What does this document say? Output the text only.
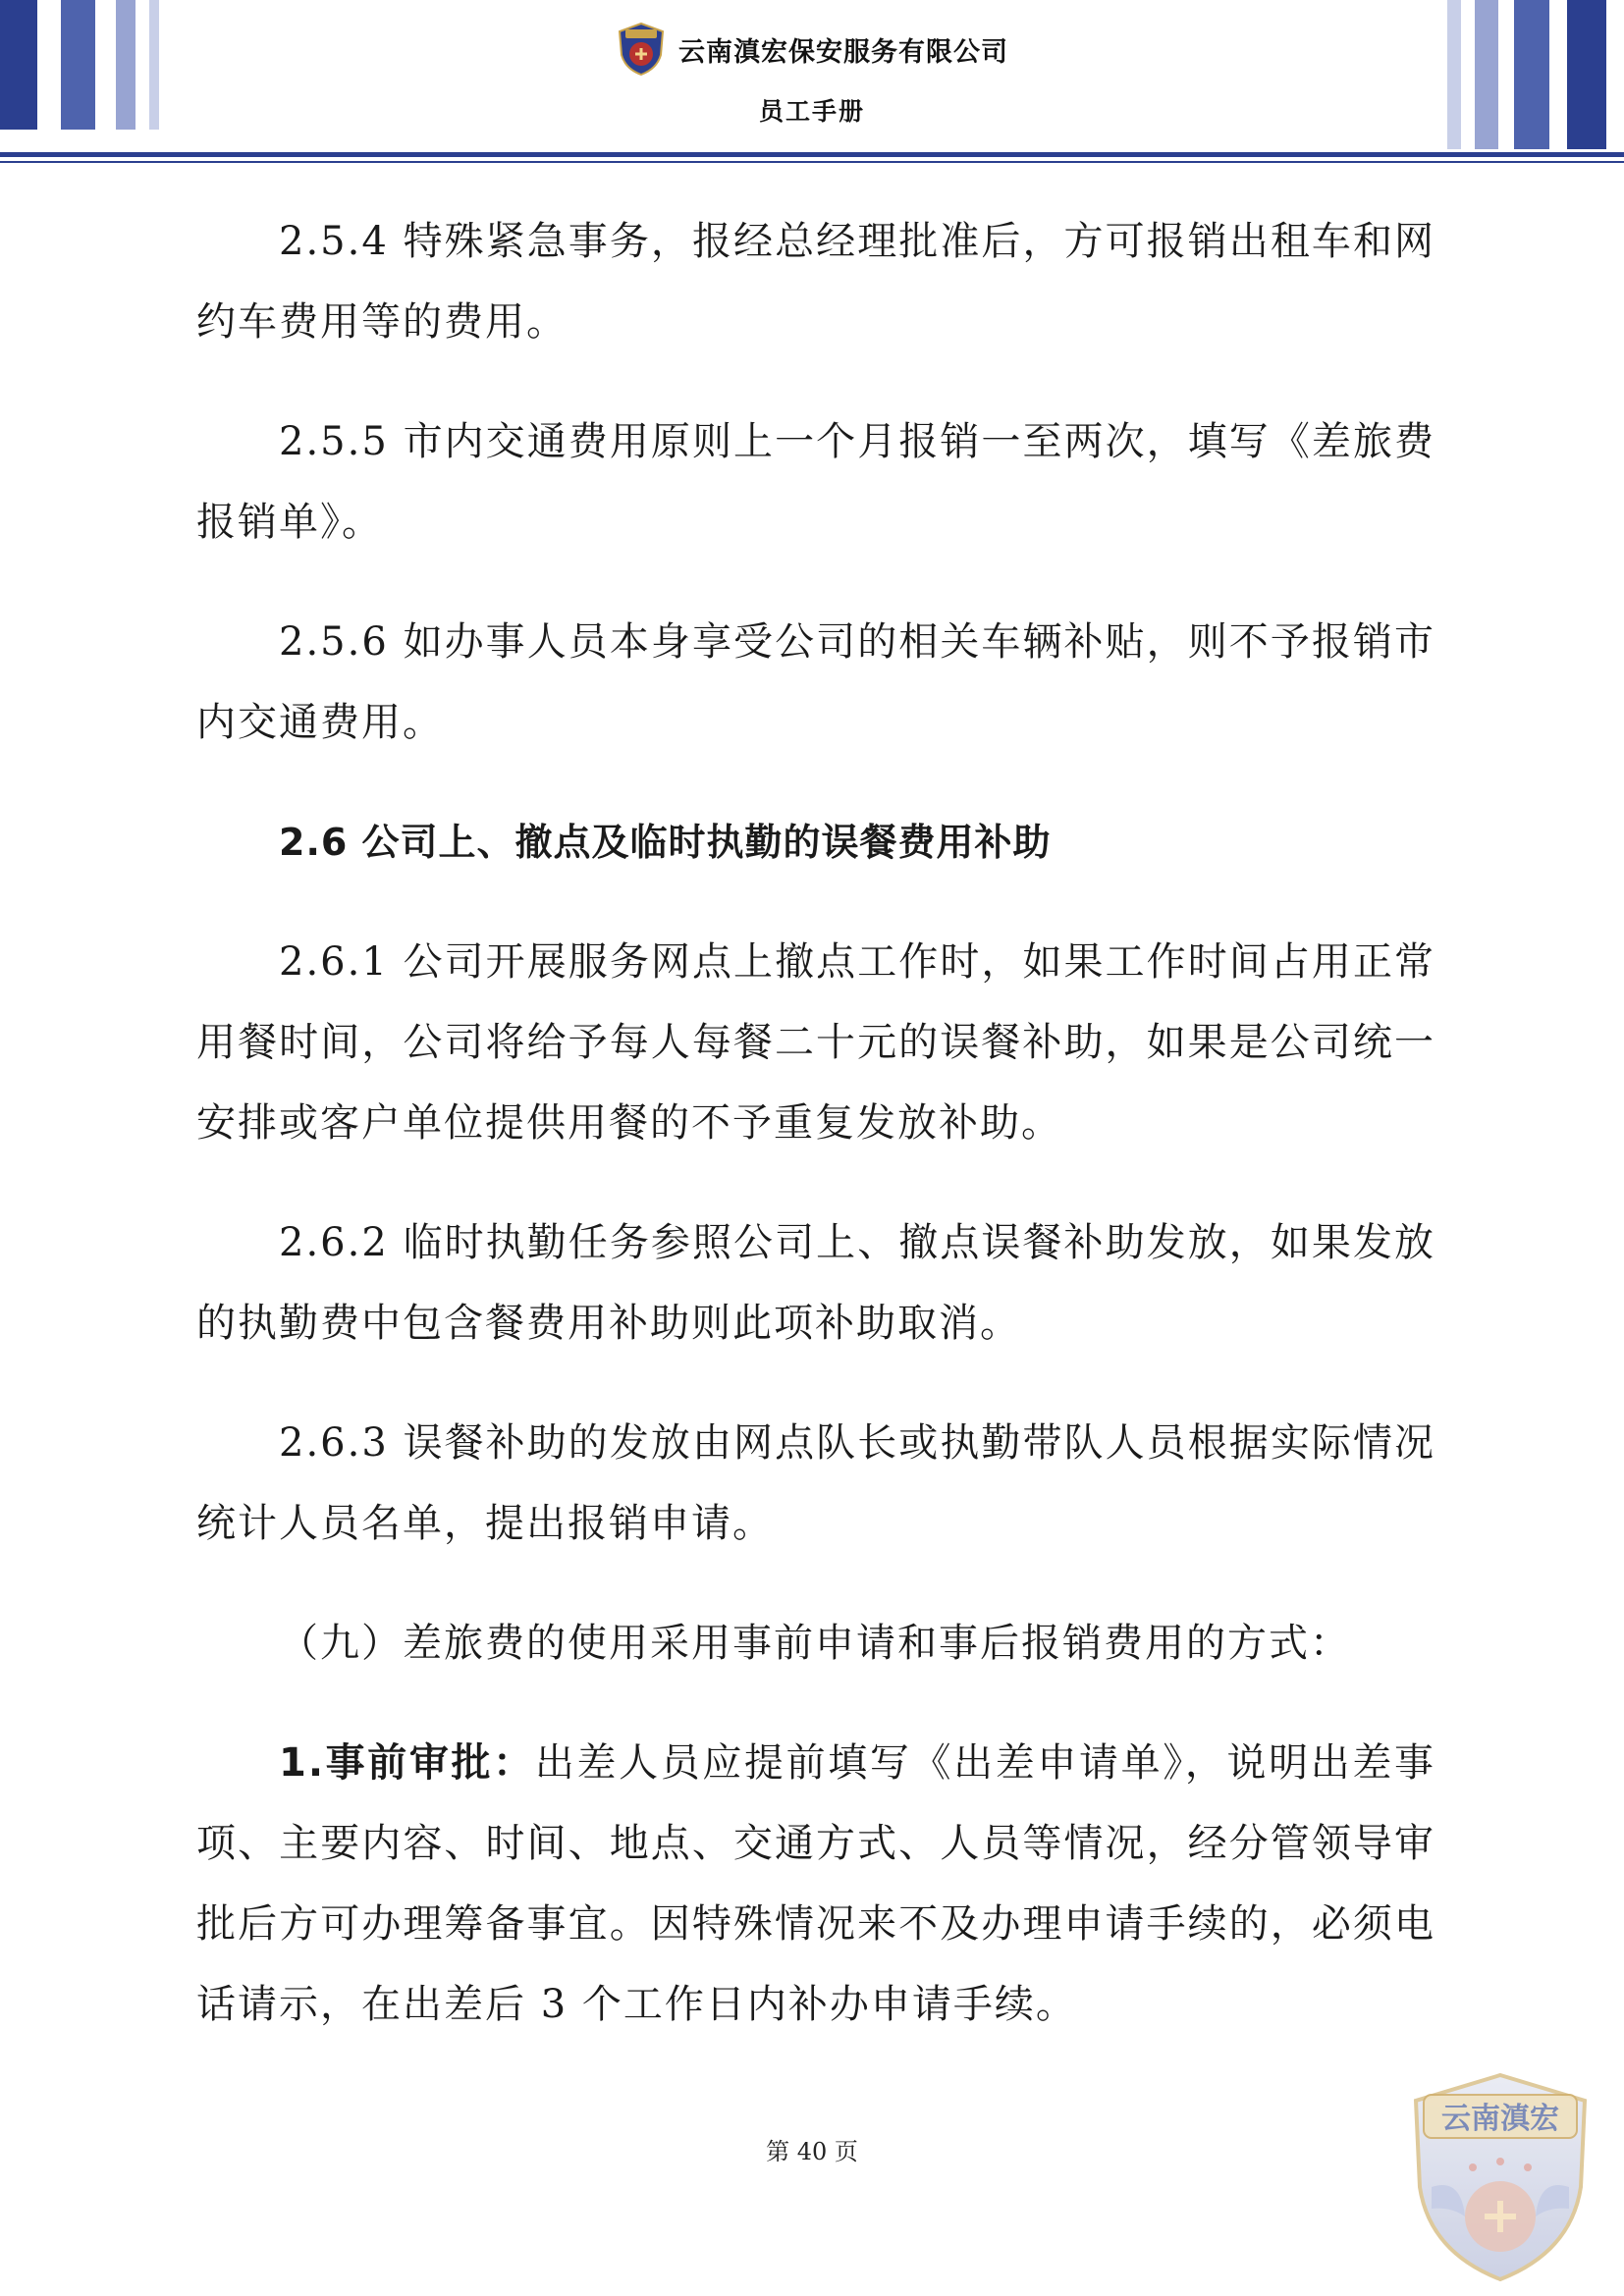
云南滇宏保安服务有限公司
员工手册

2.5.4 特殊紧急事务，报经总经理批准后，方可报销出租车和网约车费用等的费用。

2.5.5 市内交通费用原则上一个月报销一至两次，填写《差旅费报销单》。

2.5.6 如办事人员本身享受公司的相关车辆补贴，则不予报销市内交通费用。

2.6 公司上、撤点及临时执勤的误餐费用补助

2.6.1 公司开展服务网点上撤点工作时，如果工作时间占用正常用餐时间，公司将给予每人每餐二十元的误餐补助，如果是公司统一安排或客户单位提供用餐的不予重复发放补助。

2.6.2 临时执勤任务参照公司上、撤点误餐补助发放，如果发放的执勤费中包含餐费用补助则此项补助取消。

2.6.3 误餐补助的发放由网点队长或执勤带队人员根据实际情况统计人员名单，提出报销申请。

（九）差旅费的使用采用事前申请和事后报销费用的方式：

1.事前审批：出差人员应提前填写《出差申请单》，说明出差事项、主要内容、时间、地点、交通方式、人员等情况，经分管领导审批后方可办理筹备事宜。因特殊情况来不及办理申请手续的，必须电话请示，在出差后 3 个工作日内补办申请手续。

第 40 页
云南滇宏
